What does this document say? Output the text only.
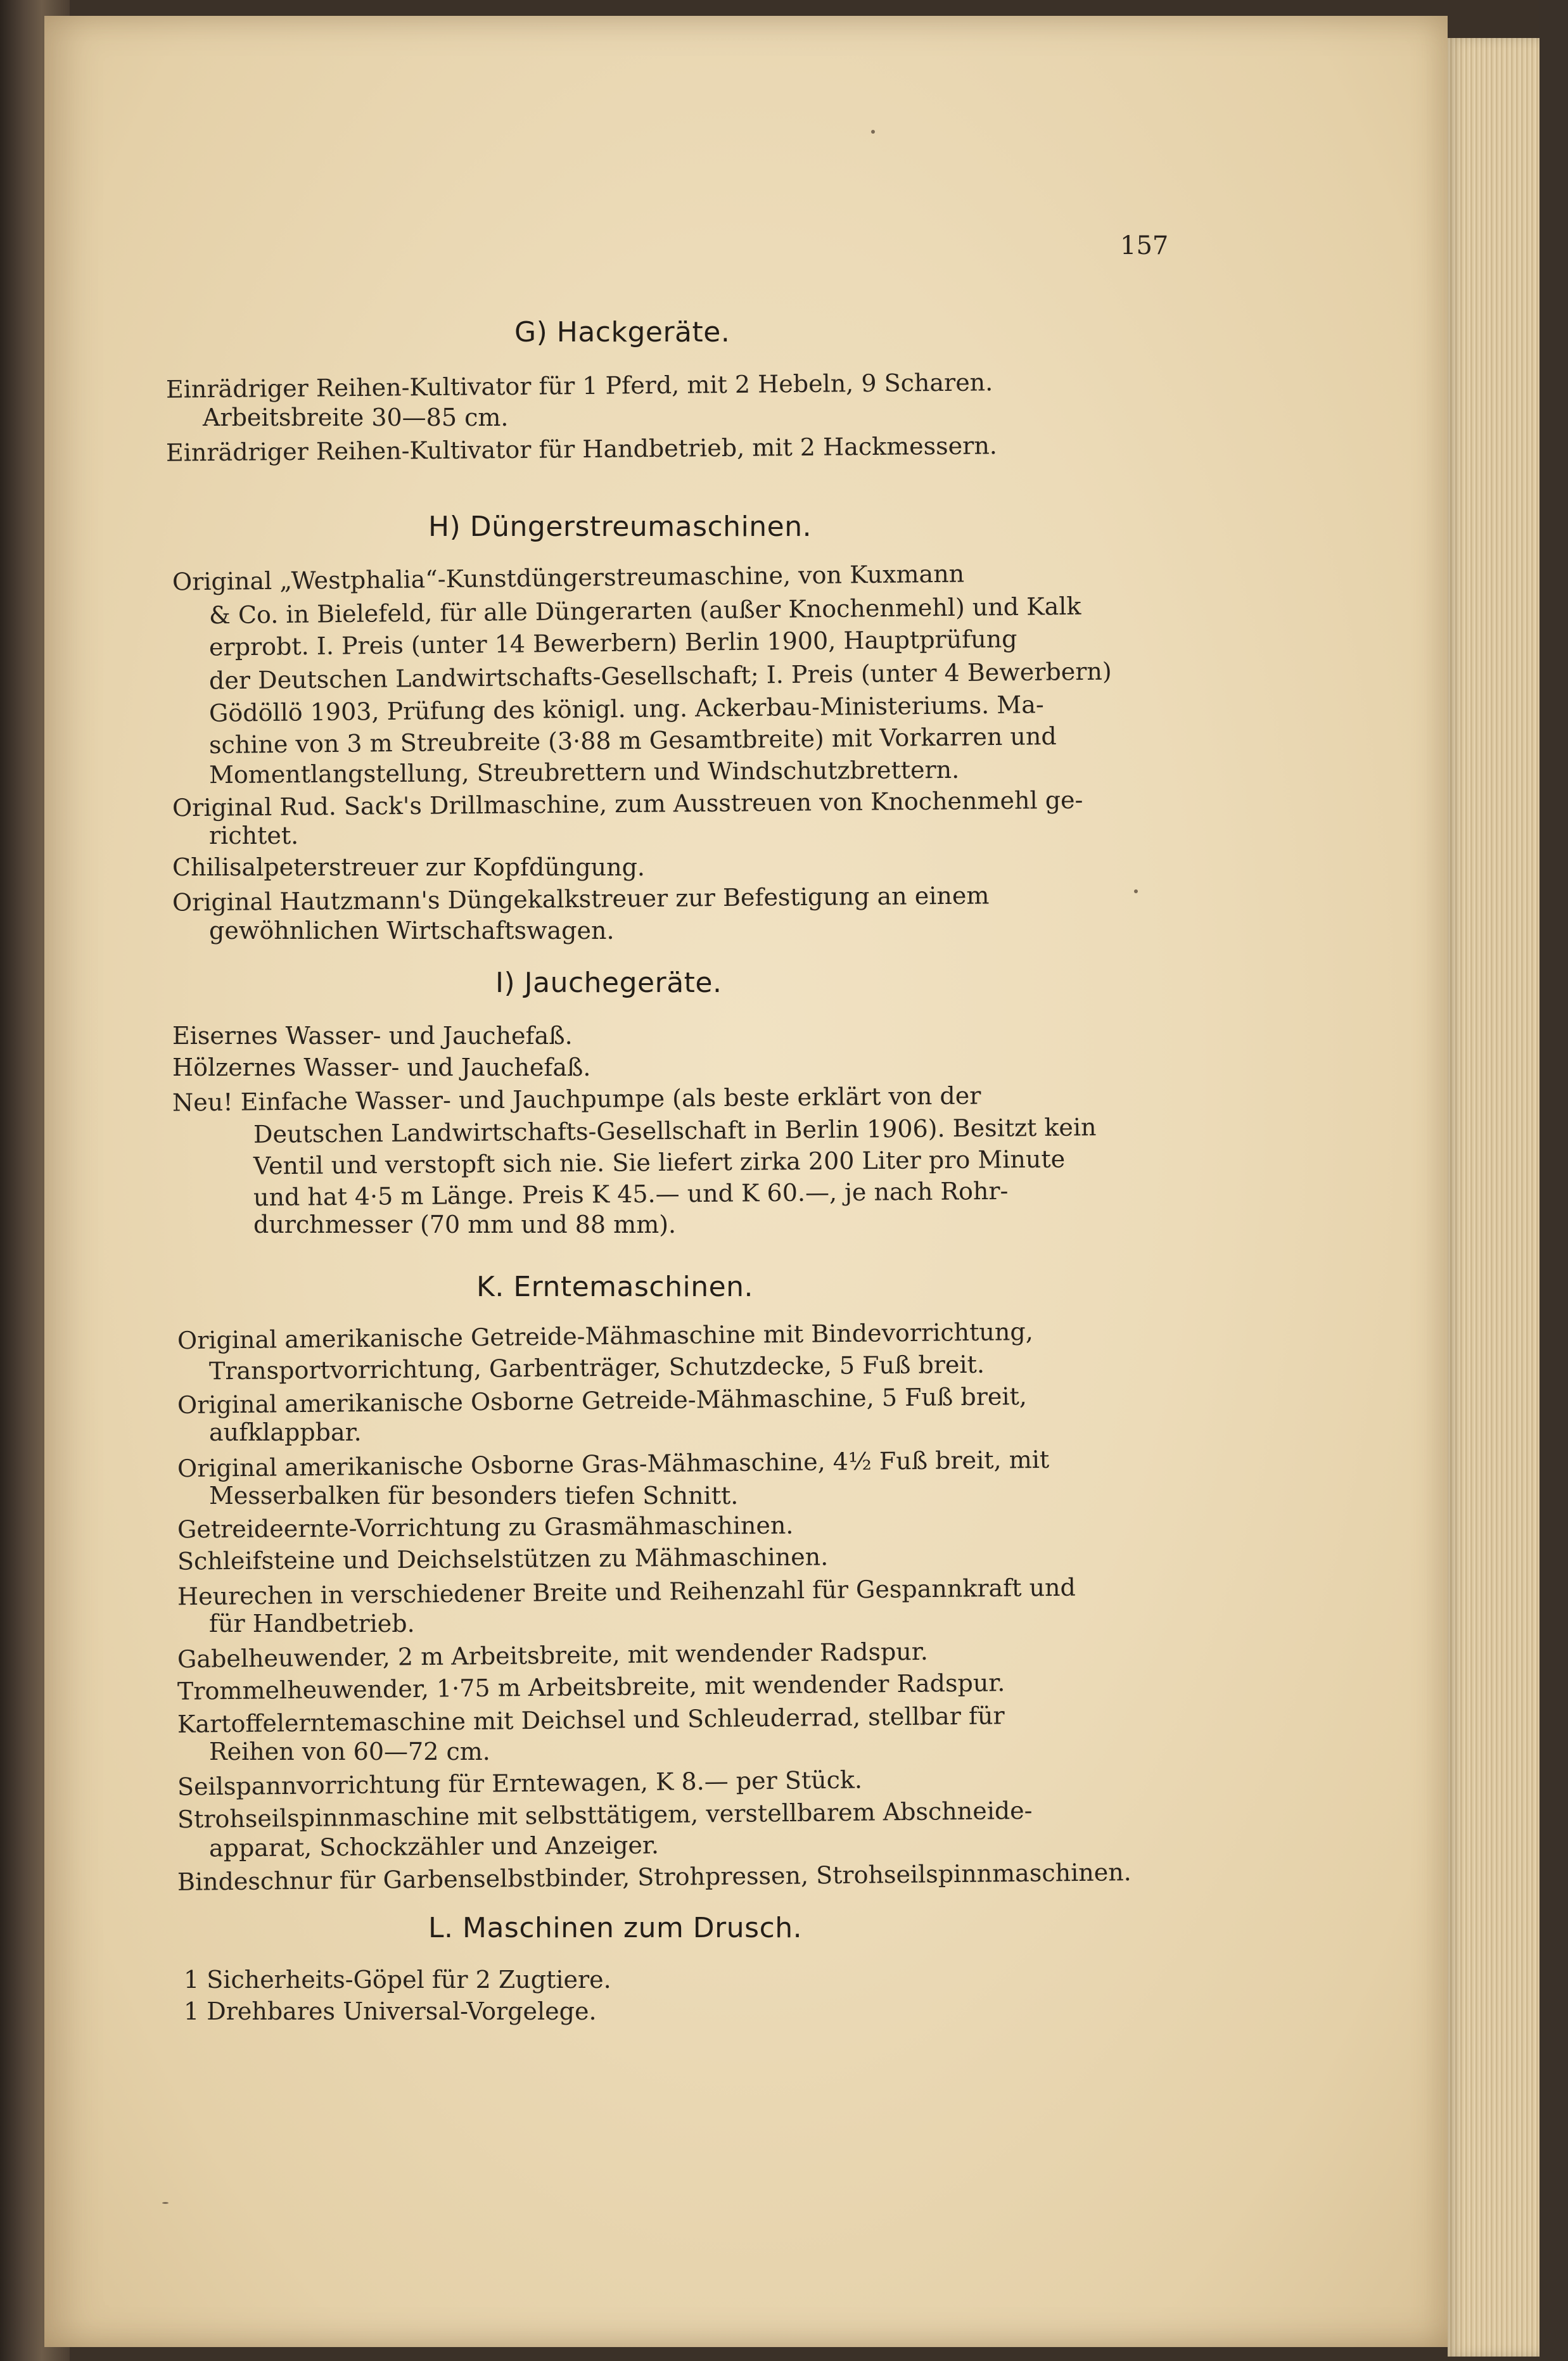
157
G) Hackgeräte.
Einrädriger Reihen-Kultivator für 1 Pferd, mit 2 Hebeln, 9 Scharen.
Arbeitsbreite 30—85 cm.
Einrädriger Reihen-Kultivator für Handbetrieb, mit 2 Hackmessern.
H) Düngerstreumaschinen.
Original „Westphalia“-Kunstdüngerstreumaschine, von Kuxmann
& Co. in Bielefeld, für alle Düngerarten (außer Knochenmehl) und Kalk
erprobt. I. Preis (unter 14 Bewerbern) Berlin 1900, Hauptprüfung
der Deutschen Landwirtschafts-Gesellschaft; I. Preis (unter 4 Bewerbern)
Gödöllö 1903, Prüfung des königl. ung. Ackerbau-Ministeriums. Ma-
schine von 3 m Streubreite (3·88 m Gesamtbreite) mit Vorkarren und
Momentlangstellung, Streubrettern und Windschutzbrettern.
Original Rud. Sack's Drillmaschine, zum Ausstreuen von Knochenmehl ge-
richtet.
Chilisalpeterstreuer zur Kopfdüngung.
Original Hautzmann's Düngekalkstreuer zur Befestigung an einem
gewöhnlichen Wirtschaftswagen.
I) Jauchegeräte.
Eisernes Wasser- und Jauchefaß.
Hölzernes Wasser- und Jauchefaß.
Neu! Einfache Wasser- und Jauchpumpe (als beste erklärt von der
Deutschen Landwirtschafts-Gesellschaft in Berlin 1906). Besitzt kein
Ventil und verstopft sich nie. Sie liefert zirka 200 Liter pro Minute
und hat 4·5 m Länge. Preis K 45.— und K 60.—, je nach Rohr-
durchmesser (70 mm und 88 mm).
K. Erntemaschinen.
Original amerikanische Getreide-Mähmaschine mit Bindevorrichtung,
Transportvorrichtung, Garbenträger, Schutzdecke, 5 Fuß breit.
Original amerikanische Osborne Getreide-Mähmaschine, 5 Fuß breit,
aufklappbar.
Original amerikanische Osborne Gras-Mähmaschine, 4½ Fuß breit, mit
Messerbalken für besonders tiefen Schnitt.
Getreideernte-Vorrichtung zu Grasmähmaschinen.
Schleifsteine und Deichselstützen zu Mähmaschinen.
Heurechen in verschiedener Breite und Reihenzahl für Gespannkraft und
für Handbetrieb.
Gabelheuwender, 2 m Arbeitsbreite, mit wendender Radspur.
Trommelheuwender, 1·75 m Arbeitsbreite, mit wendender Radspur.
Kartoffelerntemaschine mit Deichsel und Schleuderrad, stellbar für
Reihen von 60—72 cm.
Seilspannvorrichtung für Erntewagen, K 8.— per Stück.
Strohseilspinnmaschine mit selbsttätigem, verstellbarem Abschneide-
apparat, Schockzähler und Anzeiger.
Bindeschnur für Garbenselbstbinder, Strohpressen, Strohseilspinnmaschinen.
L. Maschinen zum Drusch.
1 Sicherheits-Göpel für 2 Zugtiere.
1 Drehbares Universal-Vorgelege.
